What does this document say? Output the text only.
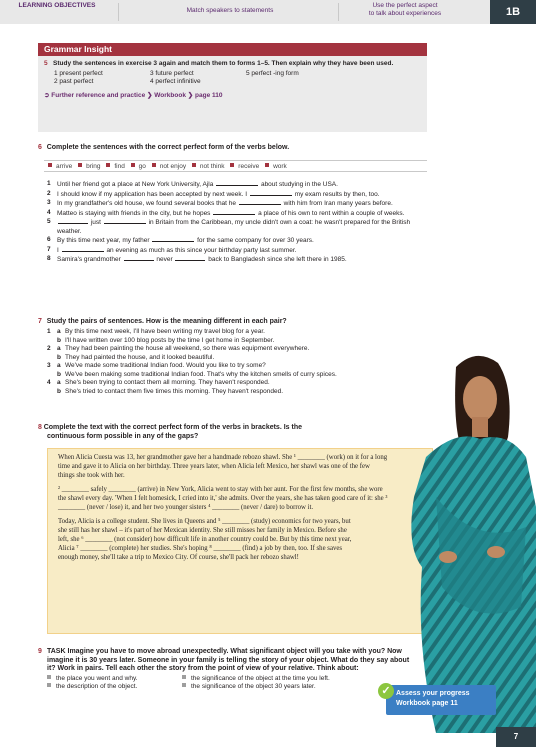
LEARNING OBJECTIVES
Match speakers to statements
Use the perfect aspect
to talk about experiences	1B
Grammar Insight
5 Study the sentences in exercise 3 again and match them to forms 1–5. Then explain why they have been used.
1 present perfect	3 future perfect	5 perfect -ing form
2 past perfect	4 perfect infinitive
➲ Further reference and practice ❯ Workbook ❯ page 110
6 Complete the sentences with the correct perfect form of the verbs below.
arrive bring find go not enjoy not think receive work
1 Until her friend got a place at New York University, Ajla	about studying in the USA.
2 I should know if my application has been accepted by next week. I	my exam results by then, too.
3 In my grandfather's old house, we found several books that he	with him from Iran many years before.
4 Matteo is staying with friends in the city, but he hopes	a place of his own to rent within a couple of weeks.
5	just	in Britain from the Caribbean, my uncle didn't own a coat: he wasn't prepared for the British weather.
6 By this time next year, my father	for the same company for over 30 years.
7 I	an evening as much as this since your birthday party last summer.
8 Samira's grandmother	never	back to Bangladesh since she left there in 1985.
7 Study the pairs of sentences. How is the meaning different in each pair?
1 a By this time next week, I'll have been writing my travel blog for a year.
b I'll have written over 100 blog posts by the time I get home in September.
2 a They had been painting the house all weekend, so there was equipment everywhere.
b They had painted the house, and it looked beautiful.
3 a We've made some traditional Indian food. Would you like to try some?
b We've been making some traditional Indian food. That's why the kitchen smells of curry spices.
4 a She's been trying to contact them all morning. They haven't responded.
b She's tried to contact them five times this morning. They haven't responded.
8 Complete the text with the correct perfect form of the verbs in brackets. Is the
continuous form possible in any of the gaps?

When Alicia Cuesta was 13, her grandmother gave her a handmade rebozo shawl. She ¹ ________ (work) on it for a long time and gave it to Alicia on her birthday. Three years later, when Alicia left Mexico, her shawl was one of the few things she took with her.

² ________ safely ________ (arrive) in New York, Alicia went to stay with her aunt. For the first few months, she wore the shawl every day. 'When I felt homesick, I cried into it,' she admits. Over the years, she has taken good care of it: she ³ ________ (never / lose) it, and her two younger sisters ⁴ ________ (never / dare) to borrow it.

Today, Alicia is a college student. She lives in Queens and ⁵ ________ (study) economics for two years, but she still has her shawl – it's part of her Mexican identity. She still misses her family in Mexico. Before she left, she ⁶ ________ (not consider) how difficult life in another country could be. But by this time next year, Alicia ⁷ ________ (complete) her studies. She's hoping ⁸ ________ (find) a job by then, too. If she saves enough money, she'll take a trip to Mexico City. Of course, she'll pack her rebozo shawl!

9 TASK Imagine you have to move abroad unexpectedly. What significant object will you take with you? Now imagine it is 30 years later. Someone in your family is telling the story of your object. What do they say about it? Work in pairs. Tell each other the story from the point of view of your relative. Think about:
the place you went and why.	the significance of the object at the time you left.
the description of the object.	the significance of the object 30 years later.
Assess your progress
Workbook page 11
✓
7
